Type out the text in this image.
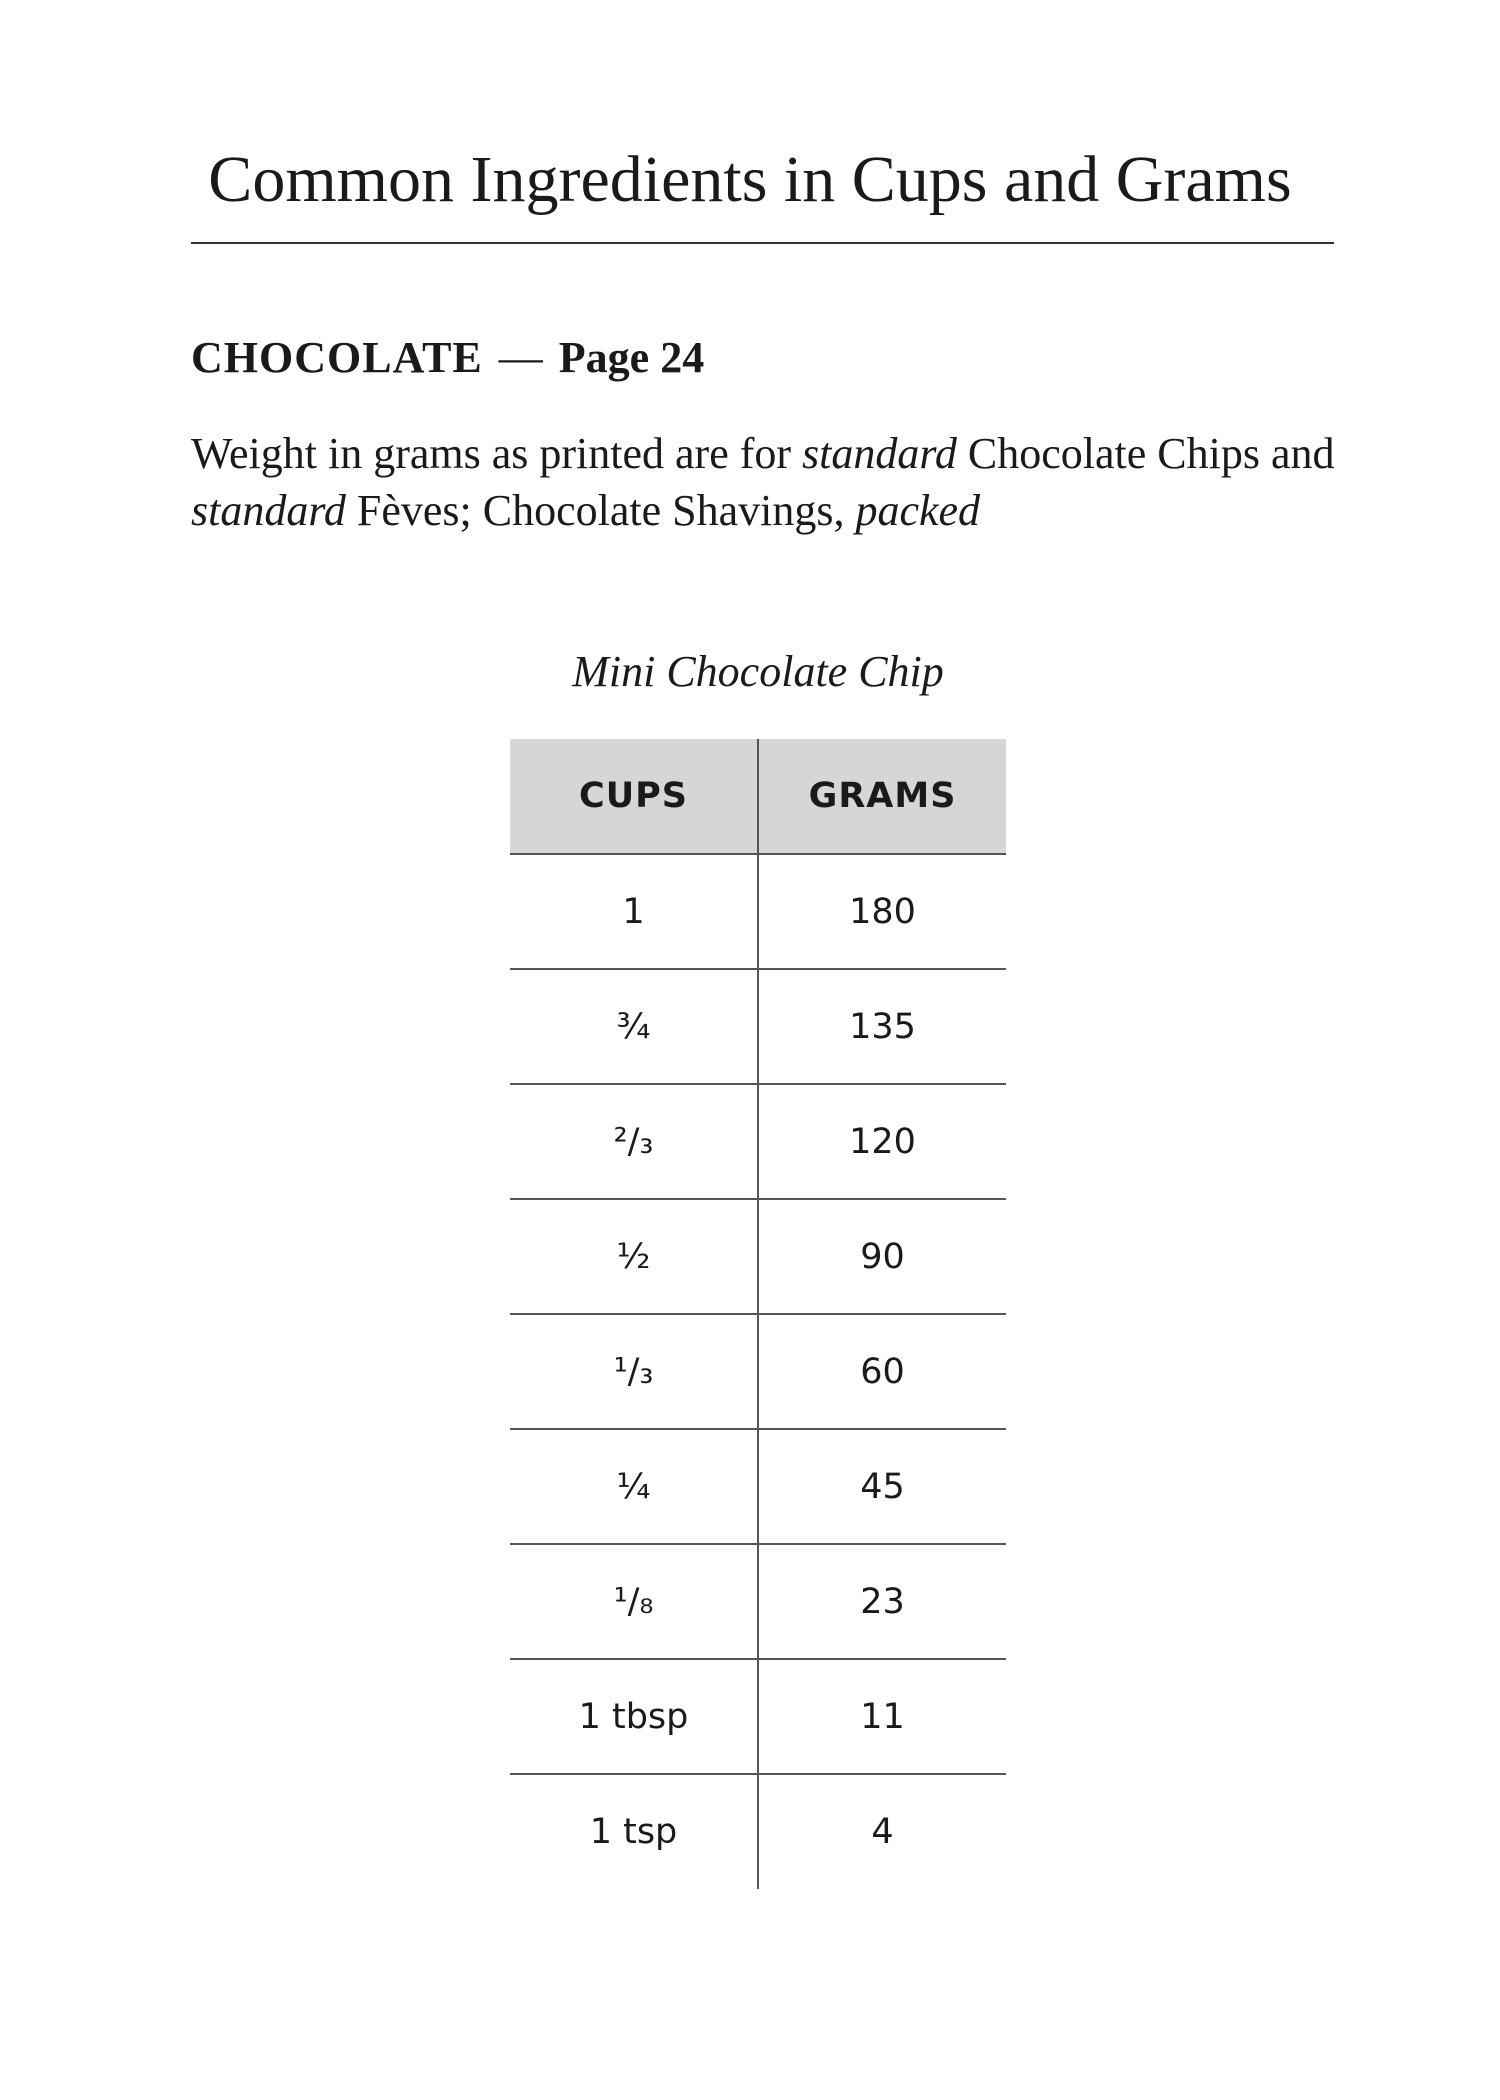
Common Ingredients in Cups and Grams
CHOCOLATE — Page 24

Weight in grams as printed are for standard Chocolate Chips and standard Fèves; Chocolate Shavings, packed

Mini Chocolate Chip

CUPS	GRAMS
1	180
¾	135
²/₃	120
½	90
¹/₃	60
¼	45
¹/₈	23
1 tbsp	11
1 tsp	4
